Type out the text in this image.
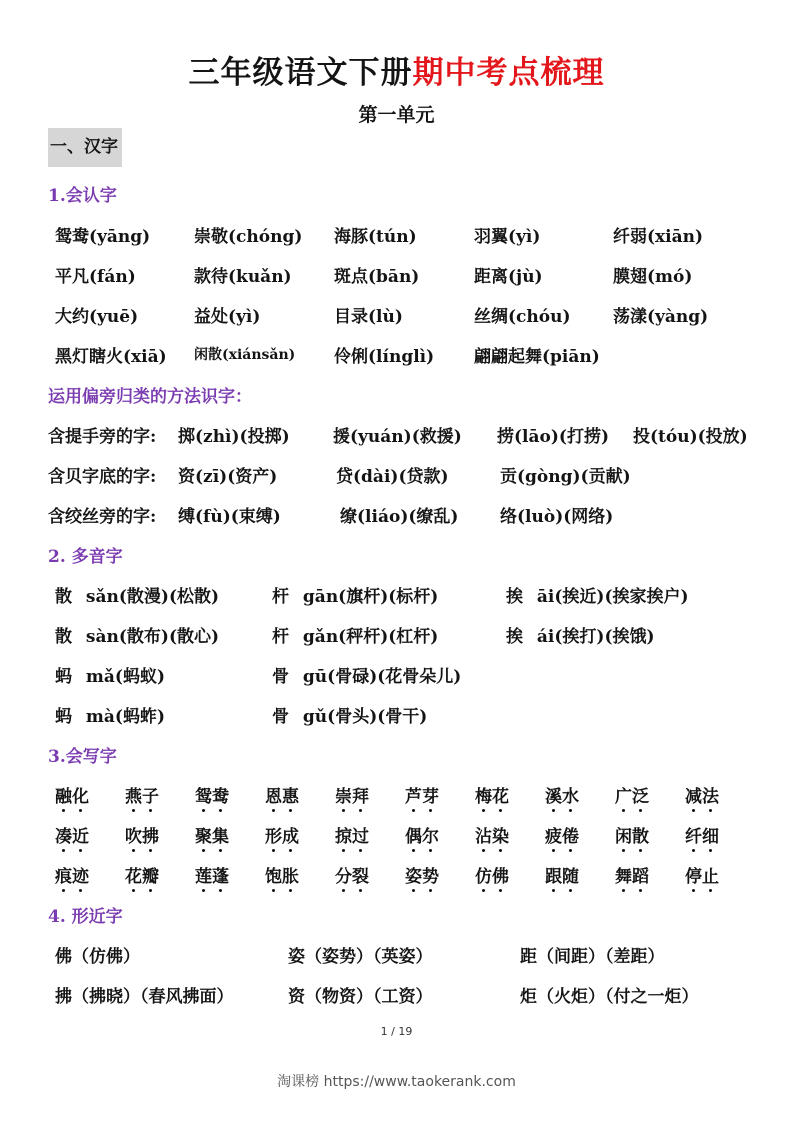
三年级语文下册期中考点梳理
第一单元
一、汉字
1.会认字
鸳鸯(yāng)	崇敬(chóng) 海豚(tún)	羽翼(yì)	纤弱(xiān)
平凡(fán)	款待(kuǎn) 斑点(bān)	距离(jù)	膜翅(mó)
大约(yuē)	益处(yì)	目录(lù)	丝绸(chóu)	荡漾(yàng)
黑灯瞎火(xiā) 闲散(xiánsǎn) 伶俐(línglì) 翩翩起舞(piān)
运用偏旁归类的方法识字：
含提手旁的字: 掷(zhì)(投掷)	援(yuán)(救援) 捞(lāo)(打捞) 投(tóu)(投放)
含贝字底的字: 资(zī)(资产)	贷(dài)(贷款)	贡(gòng)(贡献)
含绞丝旁的字: 缚(fù)(束缚)	缭(liáo)(缭乱) 络(luò)(网络)
2. 多音字
散 sǎn(散漫)(松散)	杆 gān(旗杆)(标杆)	挨 āi(挨近)(挨家挨户)
散 sàn(散布)(散心)	杆 gǎn(秤杆)(杠杆)	挨 ái(挨打)(挨饿)
蚂 mǎ(蚂蚁)	骨 gū(骨碌)(花骨朵儿)
蚂 mà(蚂蚱)	骨 gǔ(骨头)(骨干)
3.会写字
融化 燕子 鸳鸯 恩惠 崇拜 芦芽 梅花 溪水 广泛 减法
凑近 吹拂 聚集 形成 掠过 偶尔 沾染 疲倦 闲散 纤细
痕迹 花瓣 莲蓬 饱胀 分裂 姿势 仿佛 跟随 舞蹈 停止
4. 形近字
佛（仿佛）	姿（姿势）（英姿）	距（间距）（差距）
拂（拂晓）（春风拂面）	资（物资）（工资）	炬（火炬）（付之一炬）
1 / 19
淘课榜 https://www.taokerank.com
